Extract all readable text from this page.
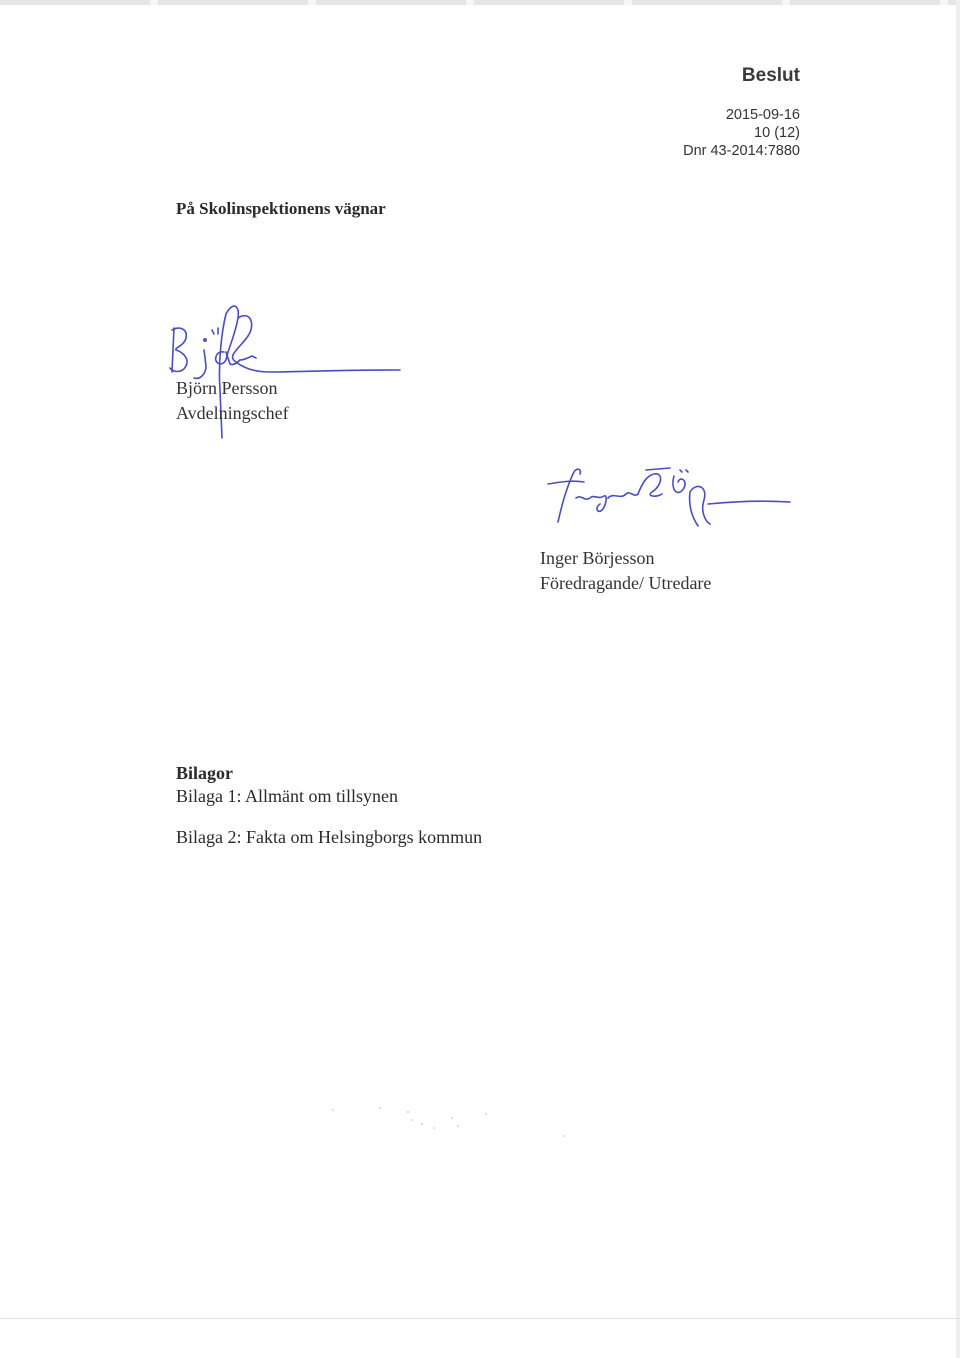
Beslut
2015-09-16
10 (12)
Dnr 43-2014:7880
På Skolinspektionens vägnar
Björn Persson
Avdelningschef
Inger Börjesson
Föredragande/ Utredare
Bilagor
Bilaga 1: Allmänt om tillsynen
Bilaga 2: Fakta om Helsingborgs kommun
